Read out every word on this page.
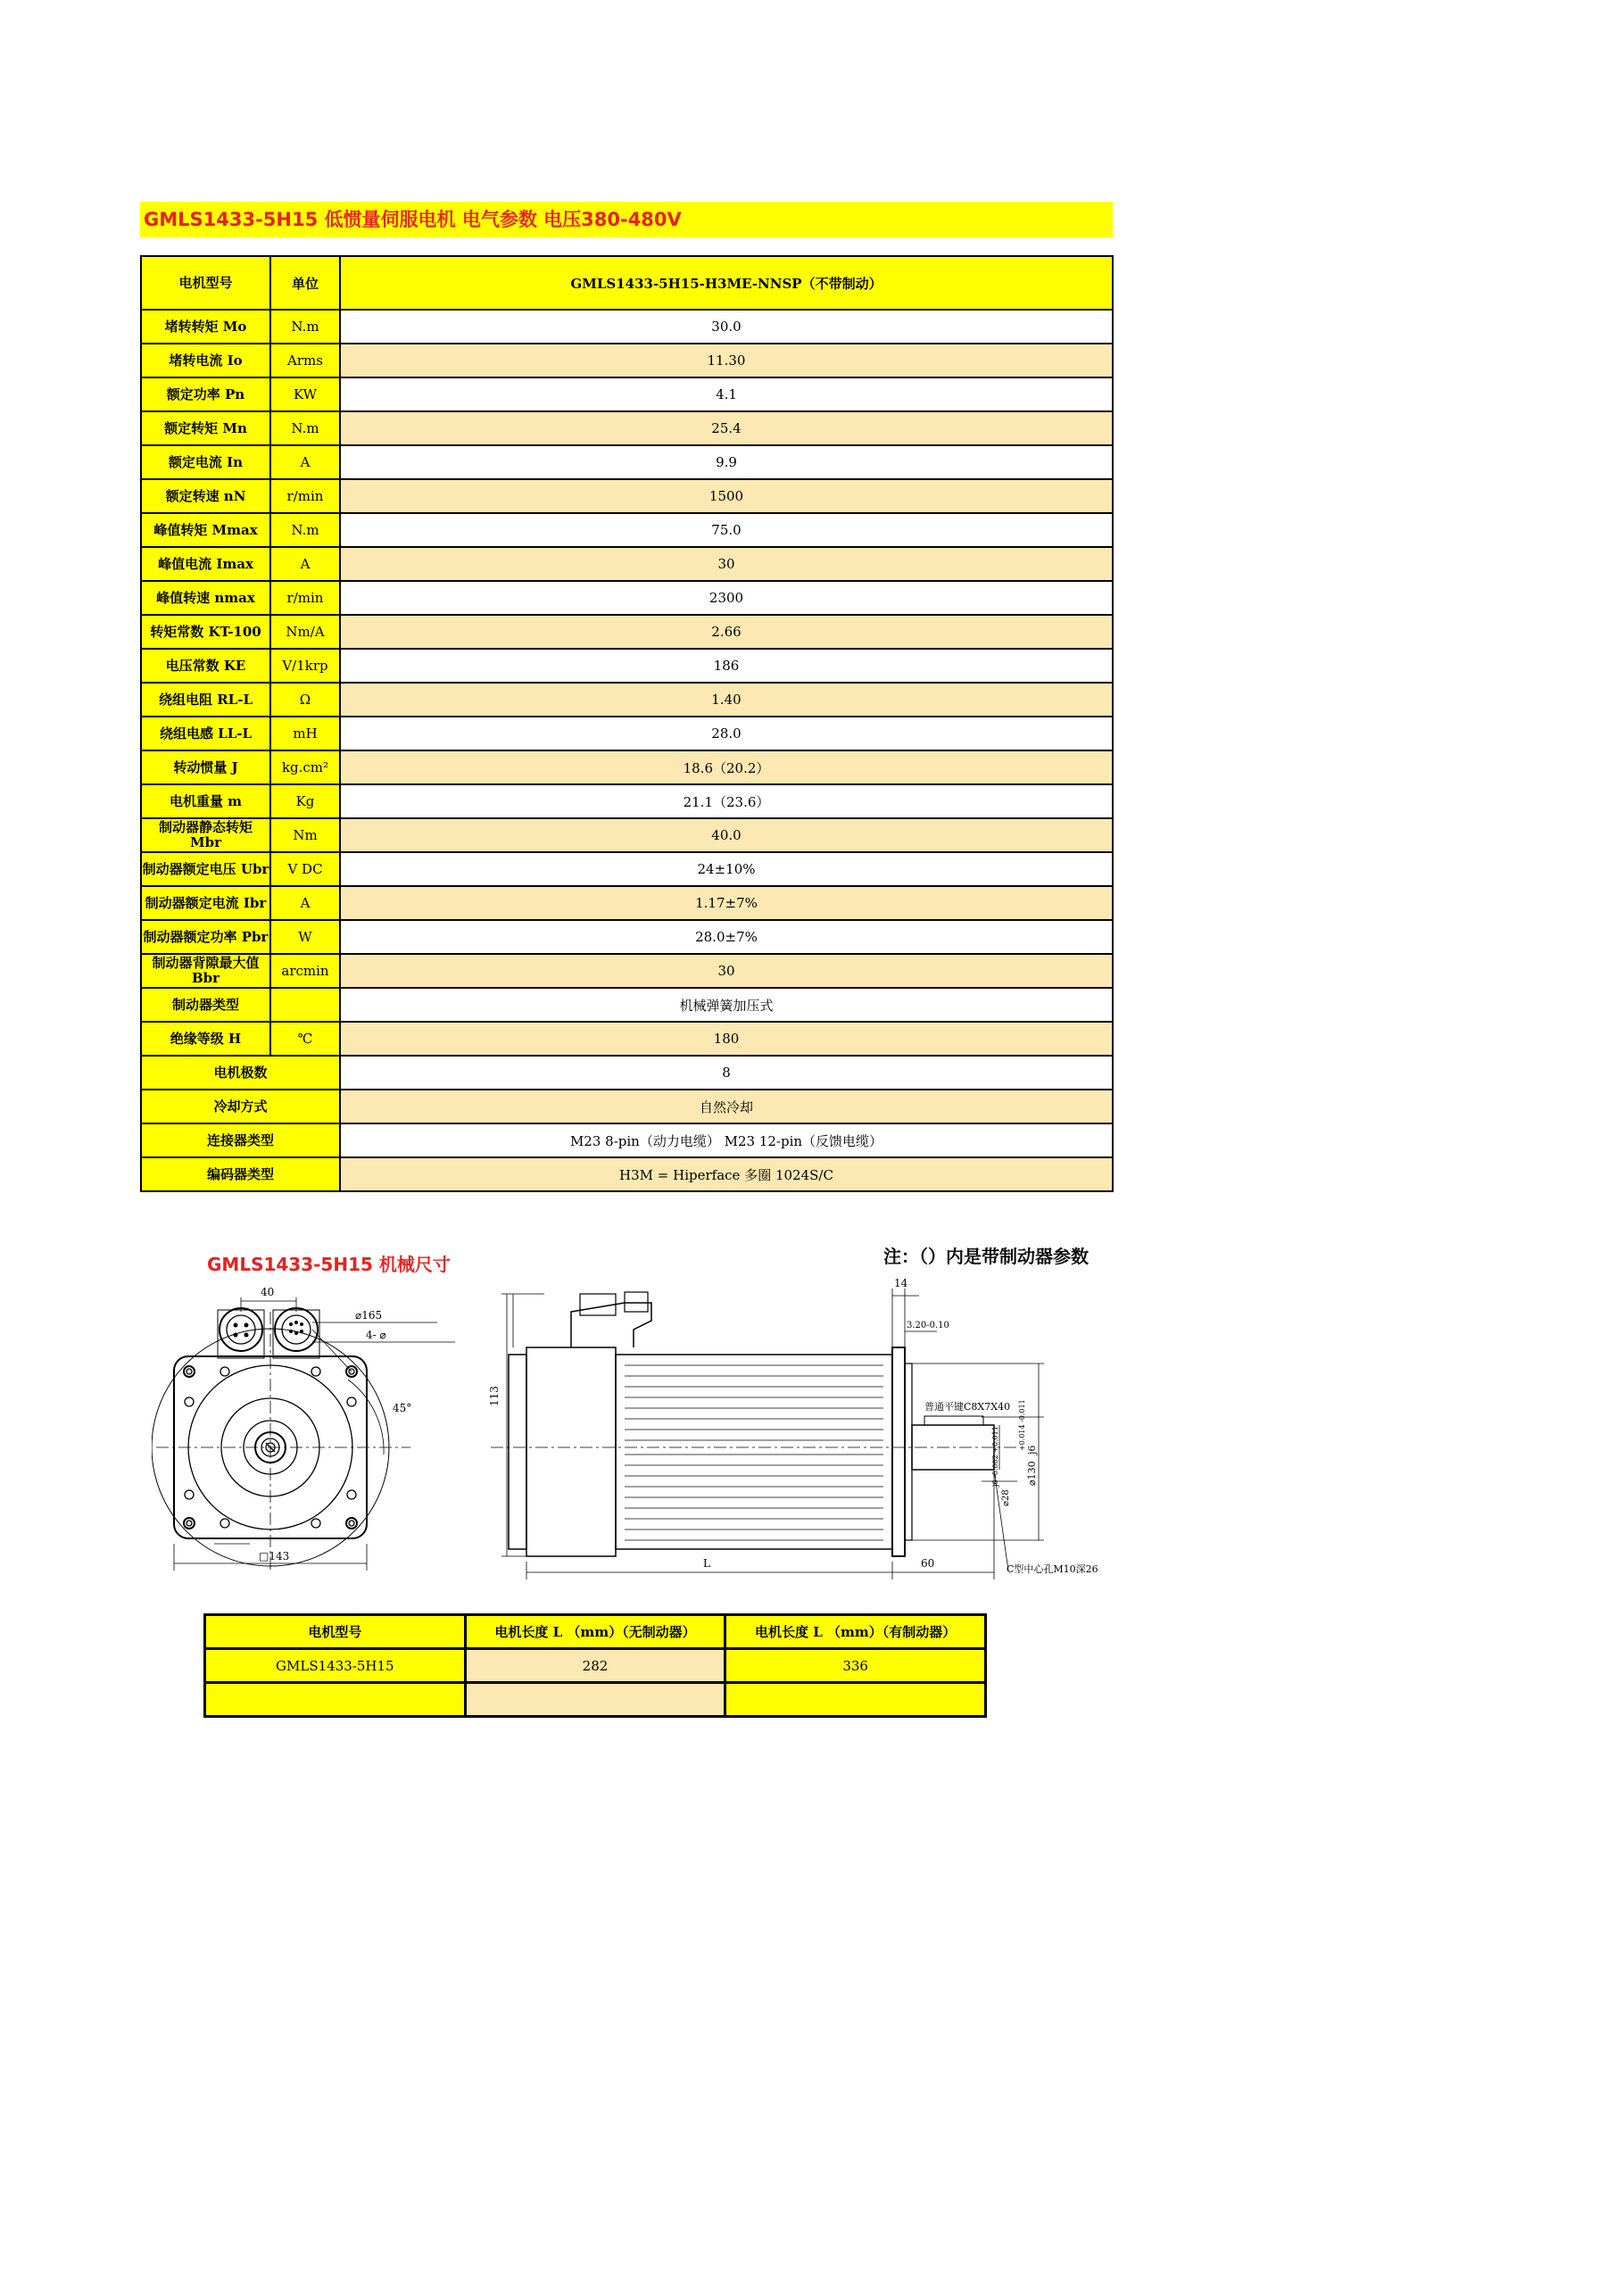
GMLS1433-5H15 低惯量伺服电机 电气参数 电压380-480V
电机型号	单位	GMLS1433-5H15-H3ME-NNSP（不带制动）
堵转转矩 Mo	N.m	30.0
堵转电流 Io	Arms	11.30
额定功率 Pn	KW	4.1
额定转矩 Mn	N.m	25.4
额定电流 In	A	9.9
额定转速 nN	r/min	1500
峰值转矩 Mmax	N.m	75.0
峰值电流 Imax	A	30
峰值转速 nmax	r/min	2300
转矩常数 KT-100	Nm/A	2.66
电压常数 KE	V/1krp	186
绕组电阻 RL-L	Ω	1.40
绕组电感 LL-L	mH	28.0
转动惯量 J	kg.cm²	18.6（20.2）
电机重量 m	Kg	21.1（23.6）
制动器静态转矩 Mbr	Nm	40.0
制动器额定电压 Ubr	V DC	24±10%
制动器额定电流 Ibr	A	1.17±7%
制动器额定功率 Pbr	W	28.0±7%
制动器背隙最大值 Bbr	arcmin	30
制动器类型		机械弹簧加压式
绝缘等级 H	℃	180
电机极数		8
冷却方式		自然冷却
连接器类型		M23 8-pin（动力电缆） M23 12-pin（反馈电缆）
编码器类型		H3M = Hiperface 多圈 1024S/C
GMLS1433-5H15 机械尺寸	注：（）内是带制动器参数
40
⌀165
4- ⌀
45°
□143
113
14
3.20-0.10
普通平键C8X7X40
⌀130
j6
+0.014 -0.011
⌀28
j6 -0.002 +0.011
L	60	C型中心孔M10深26
电机型号	电机长度 L （mm）（无制动器）	电机长度 L （mm）（有制动器）
GMLS1433-5H15	282	336
